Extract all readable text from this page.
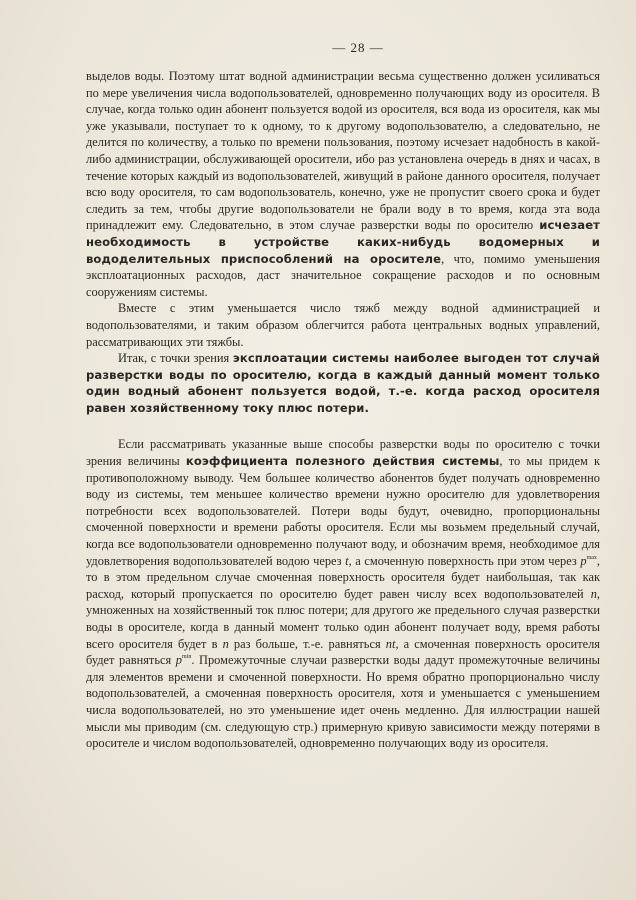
— 28 —

выделов воды. Поэтому штат водной администрации весьма существенно должен усиливаться по мере увеличения числа водопользователей, одновременно получающих воду из оросителя. В случае, когда только один абонент пользуется водой из оросителя, вся вода из оросителя, как мы уже указывали, поступает то к одному, то к другому водопользователю, а следовательно, не делится по количеству, а только по времени пользования, поэтому исчезает надобность в какой-либо администрации, обслуживающей оросители, ибо раз установлена очередь в днях и часах, в течение которых каждый из водопользователей, живущий в районе данного оросителя, получает всю воду оросителя, то сам водопользователь, конечно, уже не пропустит своего срока и будет следить за тем, чтобы другие водопользователи не брали воду в то время, когда эта вода принадлежит ему. Следовательно, в этом случае разверстки воды по оросителю исчезает необходимость в устройстве каких-нибудь водомерных и вододелительных приспособлений на оросителе, что, помимо уменьшения эксплоатационных расходов, даст значительное сокращение расходов и по основным сооружениям системы.

Вместе с этим уменьшается число тяжб между водной администрацией и водопользователями, и таким образом облегчится работа центральных водных управлений, рассматривающих эти тяжбы.

Итак, с точки зрения эксплоатации системы наиболее выгоден тот случай разверстки воды по оросителю, когда в каждый данный момент только один водный абонент пользуется водой, т.-е. когда расход оросителя равен хозяйственному току плюс потери.

Если рассматривать указанные выше способы разверстки воды по оросителю с точки зрения величины коэффициента полезного действия системы, то мы придем к противоположному выводу. Чем большее количество абонентов будет получать одновременно воду из системы, тем меньшее количество времени нужно оросителю для удовлетворения потребности всех водопользователей. Потери воды будут, очевидно, пропорциональны смоченной поверхности и времени работы оросителя. Если мы возьмем предельный случай, когда все водопользователи одновременно получают воду, и обозначим время, необходимое для удовлетворения водопользователей водою через t, а смоченную поверхность при этом через $p^{max}$, то в этом предельном случае смоченная поверхность оросителя будет наибольшая, так как расход, который пропускается по оросителю будет равен числу всех водопользователей n, умноженных на хозяйственный ток плюс потери; для другого же предельного случая разверстки воды в оросителе, когда в данный момент только один абонент получает воду, время работы всего оросителя будет в n раз больше, т.-е. равняться nt, а смоченная поверхность оросителя будет равняться $p^{min}$. Промежуточные случаи разверстки воды дадут промежуточные величины для элементов времени и смоченной поверхности. Но время обратно пропорционально числу водопользователей, а смоченная поверхность оросителя, хотя и уменьшается с уменьшением числа водопользователей, но это уменьшение идет очень медленно. Для иллюстрации нашей мысли мы приводим (см. следующую стр.) примерную кривую зависимости между потерями в оросителе и числом водопользователей, одновременно получающих воду из оросителя.
